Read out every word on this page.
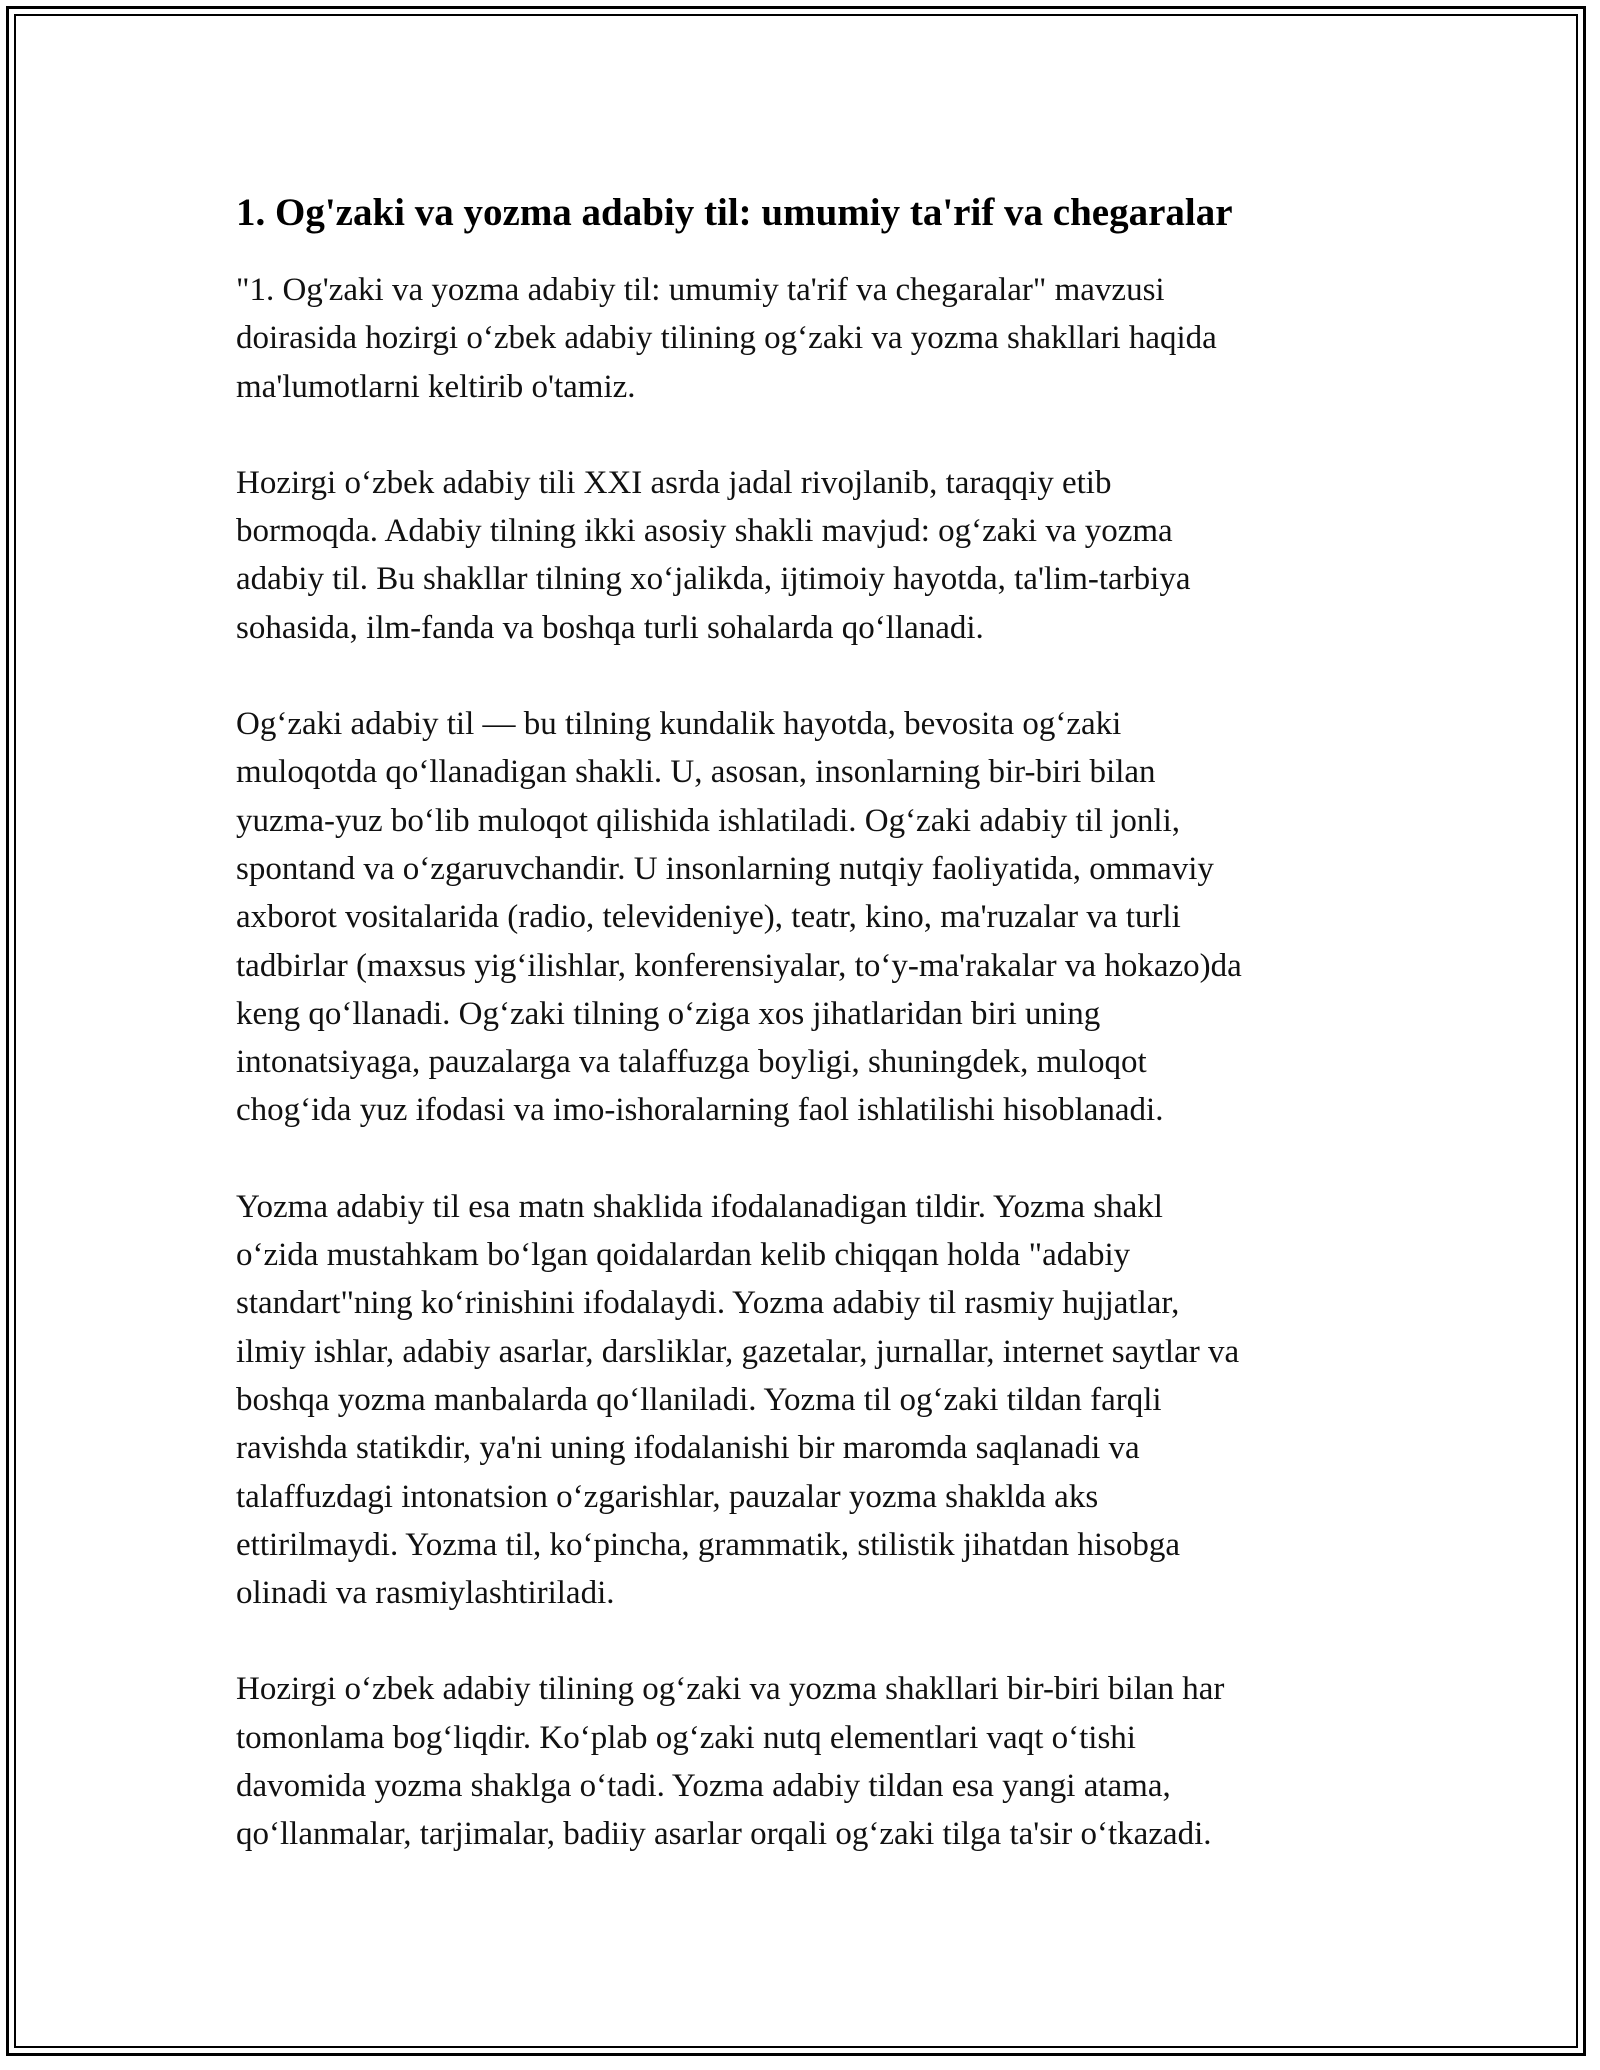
1. Og'zaki va yozma adabiy til: umumiy ta'rif va chegaralar

"1. Og'zaki va yozma adabiy til: umumiy ta'rif va chegaralar" mavzusi
doirasida hozirgi o‘zbek adabiy tilining og‘zaki va yozma shakllari haqida
ma'lumotlarni keltirib o'tamiz.

Hozirgi o‘zbek adabiy tili XXI asrda jadal rivojlanib, taraqqiy etib
bormoqda. Adabiy tilning ikki asosiy shakli mavjud: og‘zaki va yozma
adabiy til. Bu shakllar tilning xo‘jalikda, ijtimoiy hayotda, ta'lim-tarbiya
sohasida, ilm-fanda va boshqa turli sohalarda qo‘llanadi.

Og‘zaki adabiy til — bu tilning kundalik hayotda, bevosita og‘zaki
muloqotda qo‘llanadigan shakli. U, asosan, insonlarning bir-biri bilan
yuzma-yuz bo‘lib muloqot qilishida ishlatiladi. Og‘zaki adabiy til jonli,
spontand va o‘zgaruvchandir. U insonlarning nutqiy faoliyatida, ommaviy
axborot vositalarida (radio, televideniye), teatr, kino, ma'ruzalar va turli
tadbirlar (maxsus yig‘ilishlar, konferensiyalar, to‘y-ma'rakalar va hokazo)da
keng qo‘llanadi. Og‘zaki tilning o‘ziga xos jihatlaridan biri uning
intonatsiyaga, pauzalarga va talaffuzga boyligi, shuningdek, muloqot
chog‘ida yuz ifodasi va imo-ishoralarning faol ishlatilishi hisoblanadi.

Yozma adabiy til esa matn shaklida ifodalanadigan tildir. Yozma shakl
o‘zida mustahkam bo‘lgan qoidalardan kelib chiqqan holda "adabiy
standart"ning ko‘rinishini ifodalaydi. Yozma adabiy til rasmiy hujjatlar,
ilmiy ishlar, adabiy asarlar, darsliklar, gazetalar, jurnallar, internet saytlar va
boshqa yozma manbalarda qo‘llaniladi. Yozma til og‘zaki tildan farqli
ravishda statikdir, ya'ni uning ifodalanishi bir maromda saqlanadi va
talaffuzdagi intonatsion o‘zgarishlar, pauzalar yozma shaklda aks
ettirilmaydi. Yozma til, ko‘pincha, grammatik, stilistik jihatdan hisobga
olinadi va rasmiylashtiriladi.

Hozirgi o‘zbek adabiy tilining og‘zaki va yozma shakllari bir-biri bilan har
tomonlama bog‘liqdir. Ko‘plab og‘zaki nutq elementlari vaqt o‘tishi
davomida yozma shaklga o‘tadi. Yozma adabiy tildan esa yangi atama,
qo‘llanmalar, tarjimalar, badiiy asarlar orqali og‘zaki tilga ta'sir o‘tkazadi.
